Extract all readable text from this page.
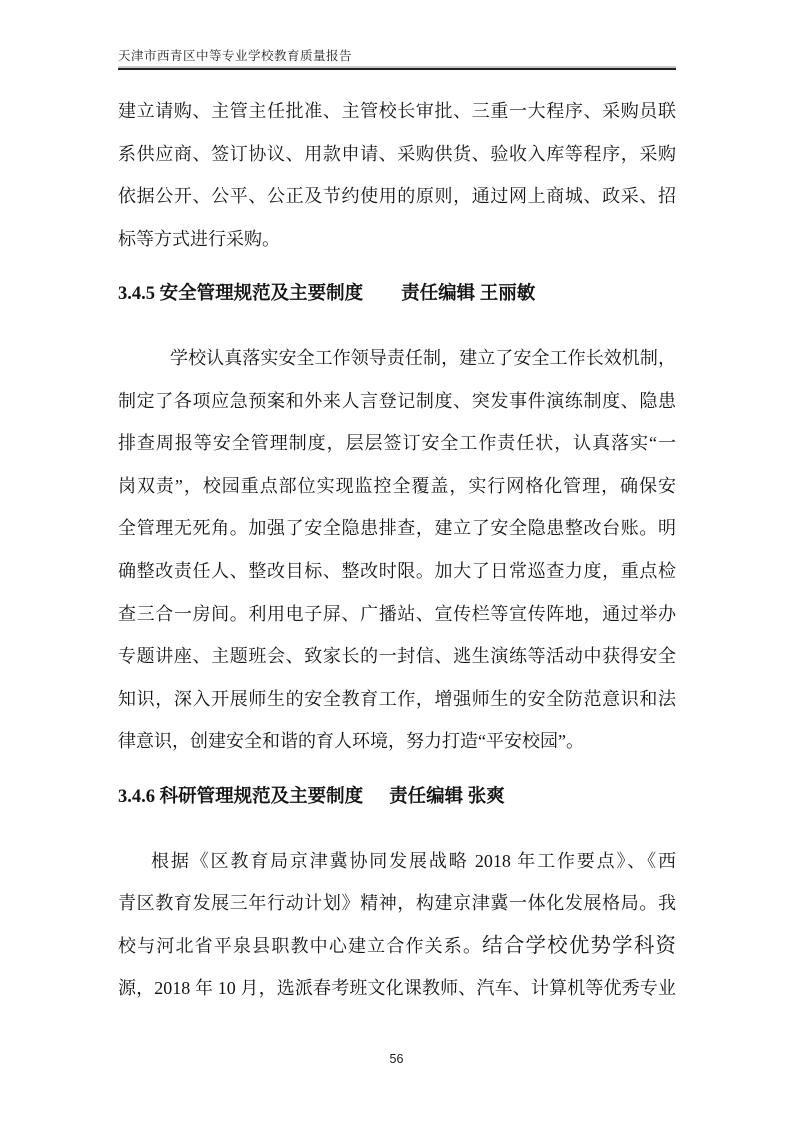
天津市西青区中等专业学校教育质量报告
建立请购、主管主任批准、主管校长审批、三重一大程序、采购员联
系供应商、签订协议、用款申请、采购供货、验收入库等程序，采购
依据公开、公平、公正及节约使用的原则，通过网上商城、政采、招
标等方式进行采购。
3.4.5 安全管理规范及主要制度 责任编辑 王丽敏
学校认真落实安全工作领导责任制，建立了安全工作长效机制，
制定了各项应急预案和外来人言登记制度、突发事件演练制度、隐患
排查周报等安全管理制度，层层签订安全工作责任状，认真落实“一
岗双责”，校园重点部位实现监控全覆盖，实行网格化管理，确保安
全管理无死角。加强了安全隐患排查，建立了安全隐患整改台账。明
确整改责任人、整改目标、整改时限。加大了日常巡查力度，重点检
查三合一房间。利用电子屏、广播站、宣传栏等宣传阵地，通过举办
专题讲座、主题班会、致家长的一封信、逃生演练等活动中获得安全
知识，深入开展师生的安全教育工作，增强师生的安全防范意识和法
律意识，创建安全和谐的育人环境，努力打造“平安校园”。
3.4.6 科研管理规范及主要制度 责任编辑 张爽
根据《区教育局京津冀协同发展战略 2018 年工作要点》、《西
青区教育发展三年行动计划》精神，构建京津冀一体化发展格局。我
校与河北省平泉县职教中心建立合作关系。结合学校优势学科资
源，2018 年 10 月，选派春考班文化课教师、汽车、计算机等优秀专业
56
